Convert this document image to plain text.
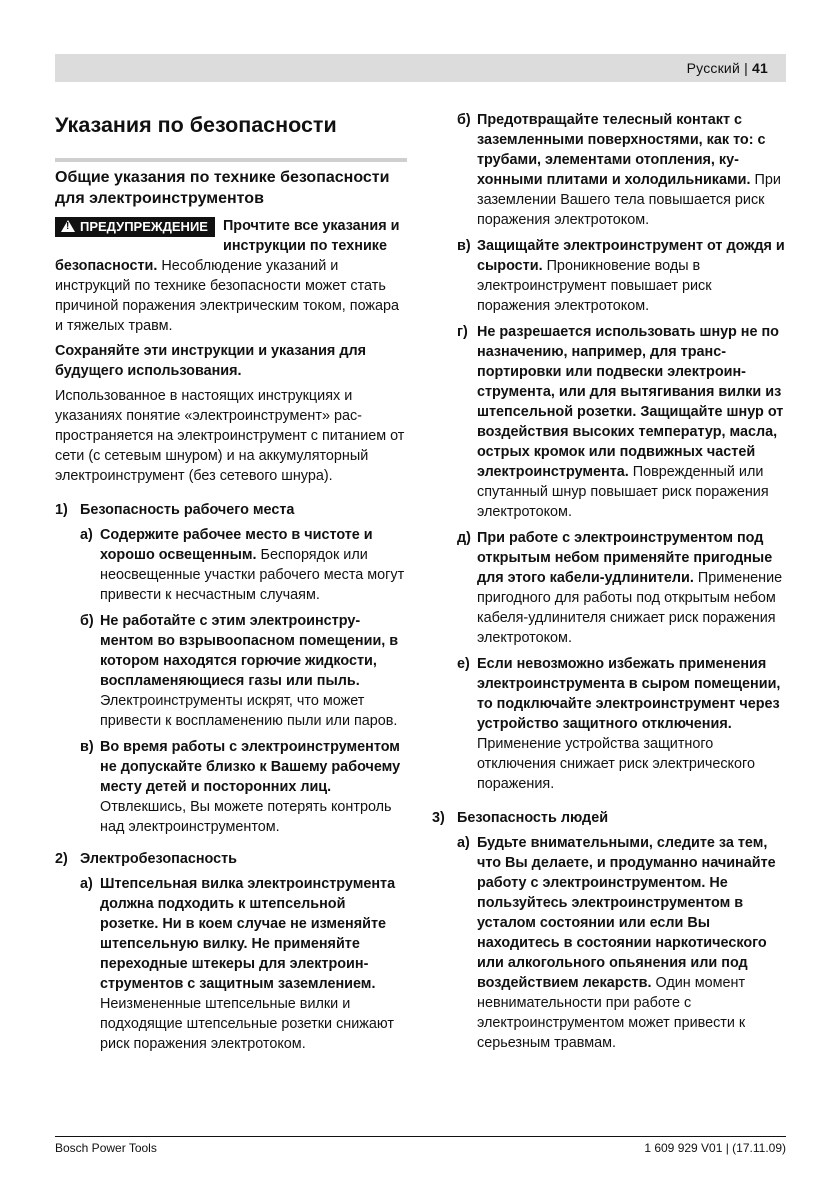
Русский | 41
Указания по безопасности
Общие указания по технике безопасности для электроинструментов

! ПРЕДУПРЕЖДЕНИЕ	Прочтите все указания и инструкции по технике безопасности. Несоблюдение указаний и инструкций по технике безопасности может стать причиной поражения электрическим током, пожара и тяжелых травм.

Сохраняйте эти инструкции и указания для будущего использования.

Использованное в настоящих инструкциях и указаниях понятие «электроинструмент» распространяется на электроинструмент с питанием от сети (с сетевым шнуром) и на аккумуляторный электроинструмент (без сетевого шнура).

1) Безопасность рабочего места
а) Содержите рабочее место в чистоте и хорошо освещенным. Беспорядок или неосвещенные участки рабочего места могут привести к несчастным случаям.
б) Не работайте с этим электроинструментом во взрывоопасном помещении, в котором находятся горючие жидкости, воспламеняющиеся газы или пыль. Электроинструменты искрят, что может привести к воспламенению пыли или паров.
в) Во время работы с электроинструментом не допускайте близко к Вашему рабочему месту детей и посторонних лиц. Отвлекшись, Вы можете потерять контроль над электроинструментом.
2) Электробезопасность
а) Штепсельная вилка электроинструмента должна подходить к штепсельной розетке. Ни в коем случае не изменяйте штепсельную вилку. Не применяйте переходные штекеры для электроинструментов с защитным заземлением. Неизмененные штепсельные вилки и подходящие штепсельные розетки снижают риск поражения электротоком.
б) Предотвращайте телесный контакт с заземленными поверхностями, как то: с трубами, элементами отопления, кухонными плитами и холодильниками. При заземлении Вашего тела повышается риск поражения электротоком.
в) Защищайте электроинструмент от дождя и сырости. Проникновение воды в электроинструмент повышает риск поражения электротоком.
г) Не разрешается использовать шнур не по назначению, например, для транспортировки или подвески электроинструмента, или для вытягивания вилки из штепсельной розетки. Защищайте шнур от воздействия высоких температур, масла, острых кромок или подвижных частей электроинструмента. Поврежденный или спутанный шнур повышает риск поражения электротоком.
д) При работе с электроинструментом под открытым небом применяйте пригодные для этого кабели-удлинители. Применение пригодного для работы под открытым небом кабеля-удлинителя снижает риск поражения электротоком.
е) Если невозможно избежать применения электроинструмента в сыром помещении, то подключайте электроинструмент через устройство защитного отключения. Применение устройства защитного отключения снижает риск электрического поражения.
3) Безопасность людей
а) Будьте внимательными, следите за тем, что Вы делаете, и продуманно начинайте работу с электроинструментом. Не пользуйтесь электроинструментом в усталом состоянии или если Вы находитесь в состоянии наркотического или алкогольного опьянения или под воздействием лекарств. Один момент невнимательности при работе с электроинструментом может привести к серьезным травмам.
Bosch Power Tools	1 609 929 V01 | (17.11.09)
